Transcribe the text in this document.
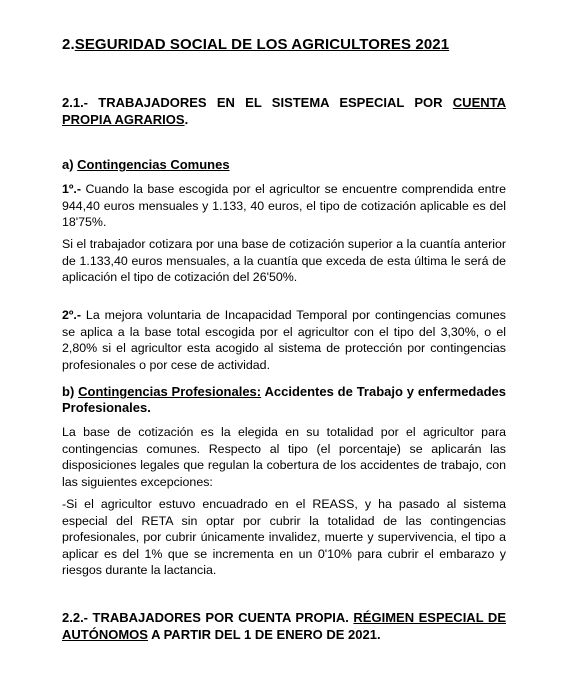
2.SEGURIDAD SOCIAL DE LOS AGRICULTORES 2021
2.1.- TRABAJADORES EN EL SISTEMA ESPECIAL POR CUENTA PROPIA AGRARIOS.
a) Contingencias Comunes
1º.- Cuando la base escogida por el agricultor se encuentre comprendida entre 944,40 euros mensuales y 1.133, 40 euros, el tipo de cotización aplicable es del 18'75%.
Si el trabajador cotizara por una base de cotización superior a la cuantía anterior de 1.133,40 euros mensuales, a la cuantía que exceda de esta última le será de aplicación el tipo de cotización del 26'50%.
2º.- La mejora voluntaria de Incapacidad Temporal por contingencias comunes se aplica a la base total escogida por el agricultor con el tipo del 3,30%, o el 2,80% si el agricultor esta acogido al sistema de protección por contingencias profesionales o por cese de actividad.
b) Contingencias Profesionales: Accidentes de Trabajo y enfermedades Profesionales.
La base de cotización es la elegida en su totalidad por el agricultor para contingencias comunes. Respecto al tipo (el porcentaje) se aplicarán las disposiciones legales que regulan la cobertura de los accidentes de trabajo, con las siguientes excepciones:
-Si el agricultor estuvo encuadrado en el REASS, y ha pasado al sistema especial del RETA sin optar por cubrir la totalidad de las contingencias profesionales, por cubrir únicamente invalidez, muerte y supervivencia, el tipo a aplicar es del 1% que se incrementa en un 0'10% para cubrir el embarazo y riesgos durante la lactancia.
2.2.- TRABAJADORES POR CUENTA PROPIA. RÉGIMEN ESPECIAL DE AUTÓNOMOS A PARTIR DEL 1 DE ENERO DE 2021.
